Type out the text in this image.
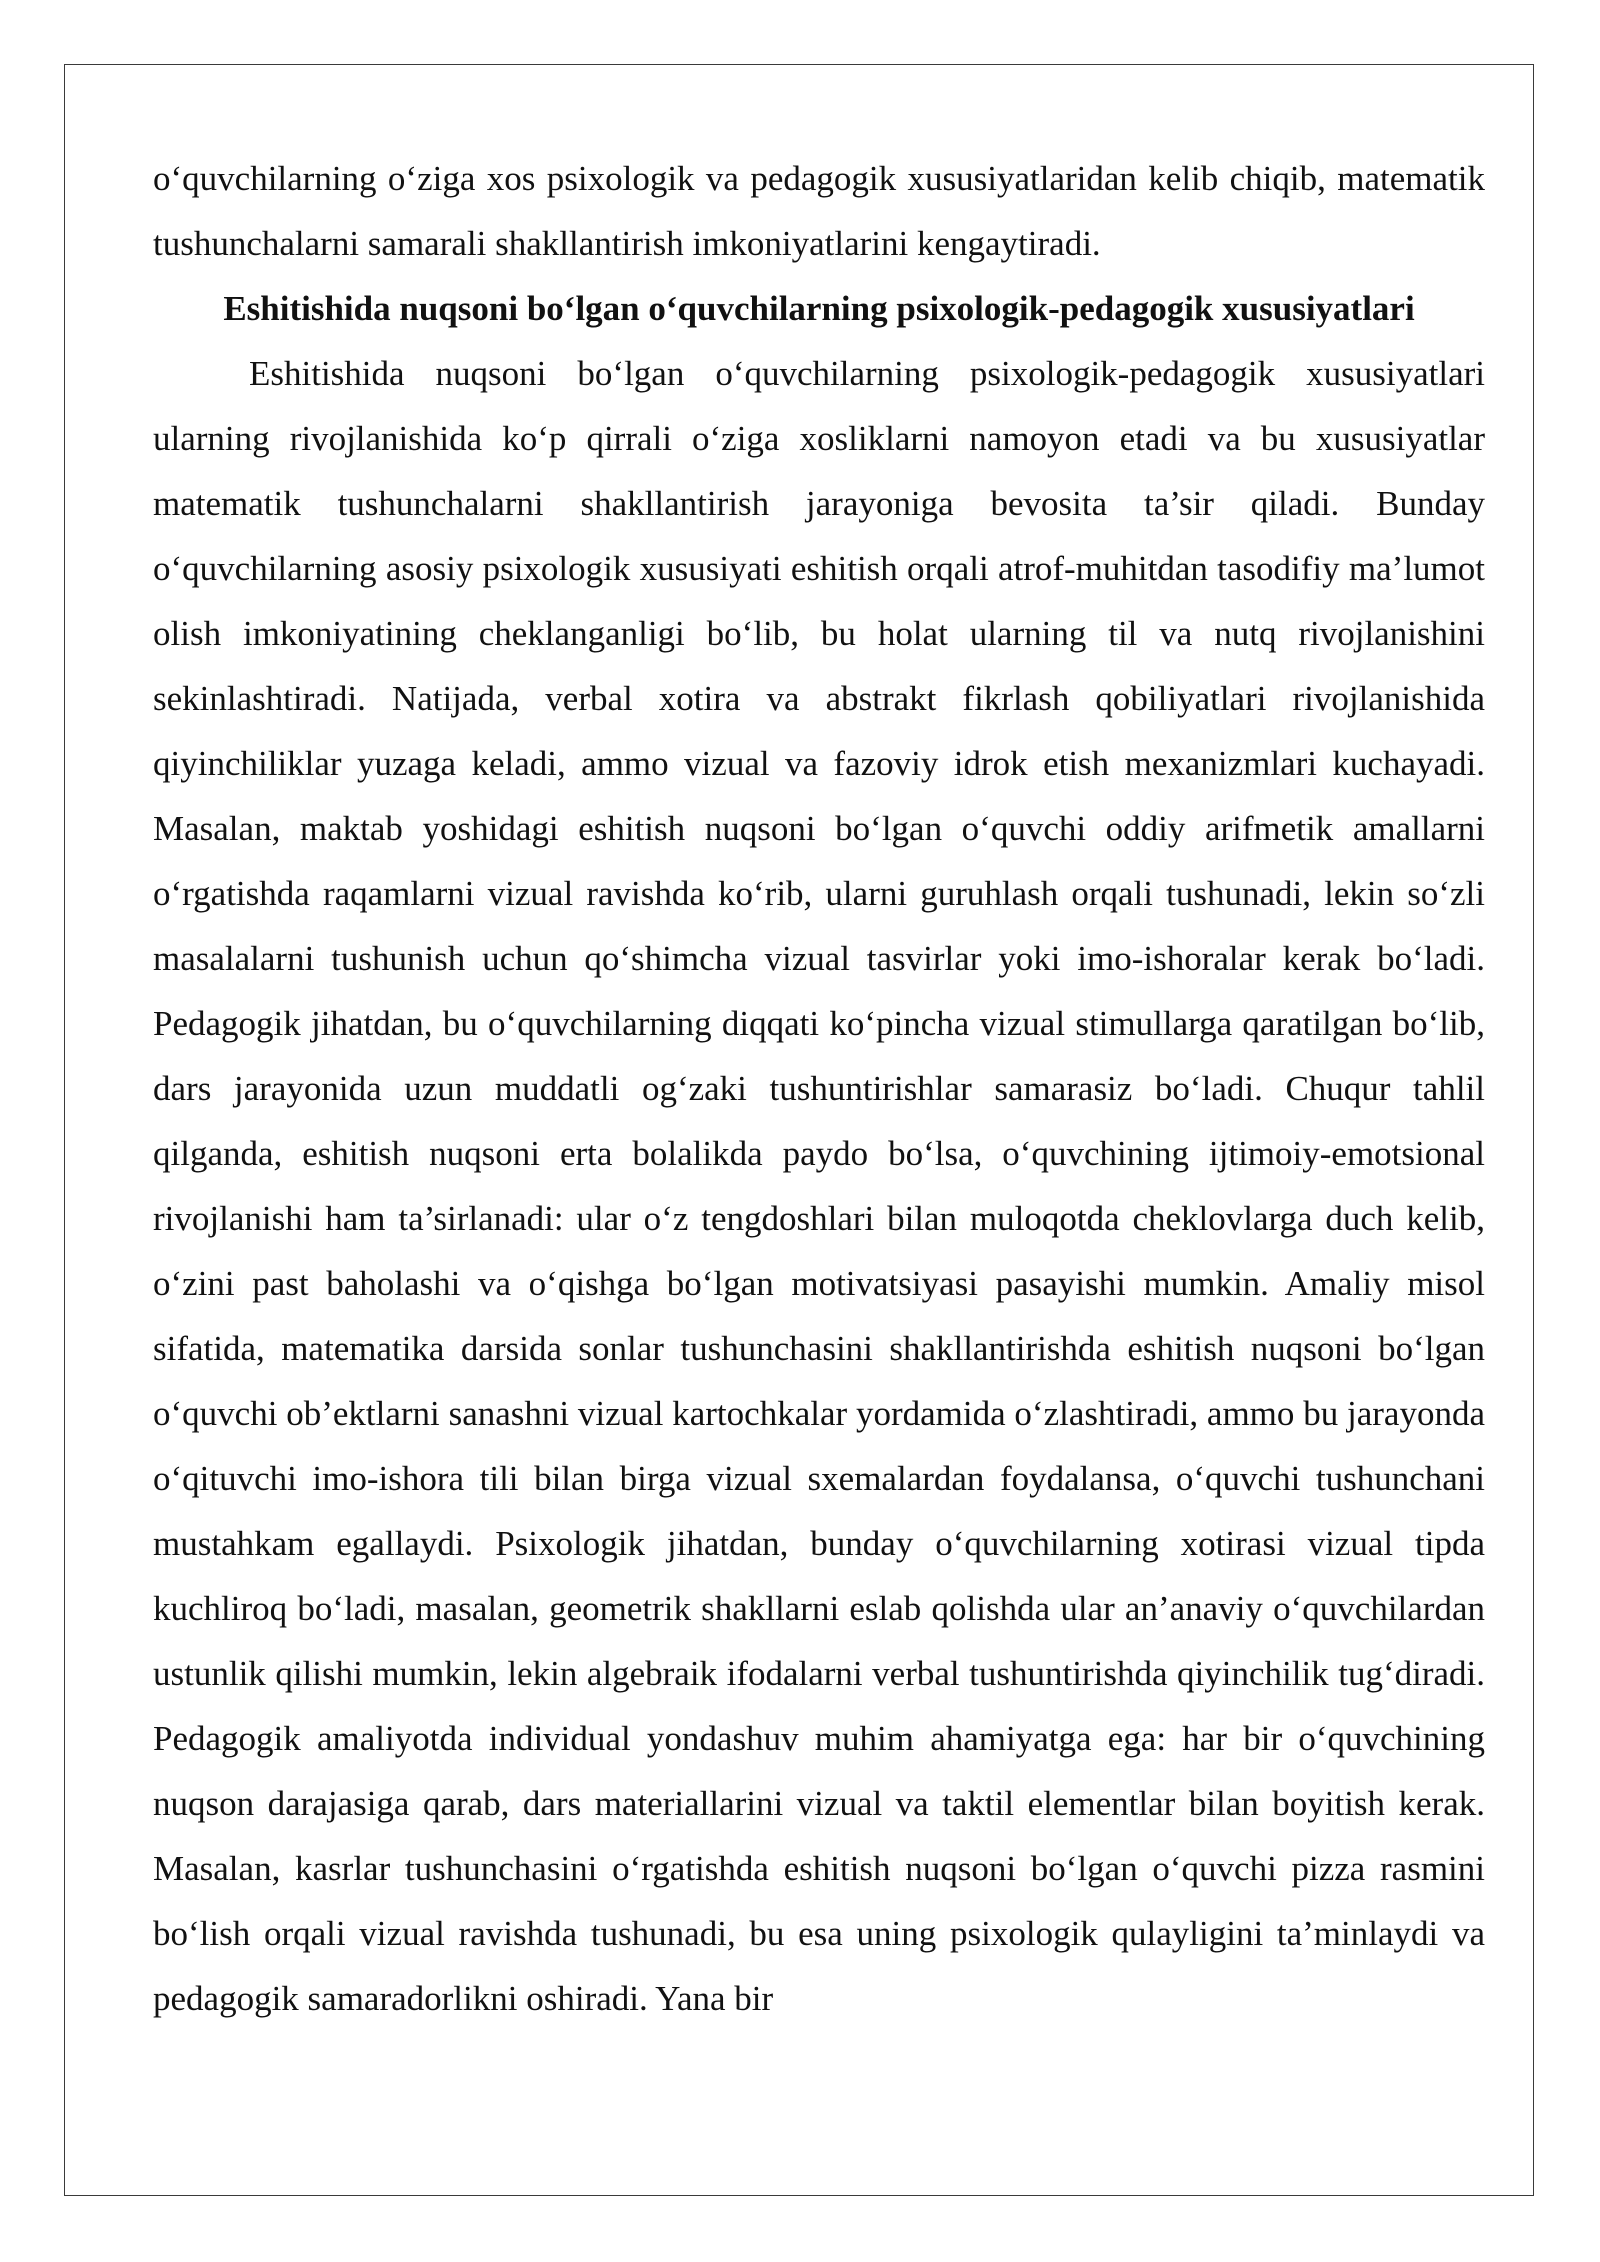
o‘quvchilarning o‘ziga xos psixologik va pedagogik xususiyatlaridan kelib chiqib, matematik tushunchalarni samarali shakllantirish imkoniyatlarini kengaytiradi.

Eshitishida nuqsoni bo‘lgan o‘quvchilarning psixologik-pedagogik xususiyatlari

Eshitishida nuqsoni bo‘lgan o‘quvchilarning psixologik-pedagogik xususiyatlari ularning rivojlanishida ko‘p qirrali o‘ziga xosliklarni namoyon etadi va bu xususiyatlar matematik tushunchalarni shakllantirish jarayoniga bevosita ta’sir qiladi. Bunday o‘quvchilarning asosiy psixologik xususiyati eshitish orqali atrof-muhitdan tasodifiy ma’lumot olish imkoniyatining cheklanganligi bo‘lib, bu holat ularning til va nutq rivojlanishini sekinlashtiradi. Natijada, verbal xotira va abstrakt fikrlash qobiliyatlari rivojlanishida qiyinchiliklar yuzaga keladi, ammo vizual va fazoviy idrok etish mexanizmlari kuchayadi. Masalan, maktab yoshidagi eshitish nuqsoni bo‘lgan o‘quvchi oddiy arifmetik amallarni o‘rgatishda raqamlarni vizual ravishda ko‘rib, ularni guruhlash orqali tushunadi, lekin so‘zli masalalarni tushunish uchun qo‘shimcha vizual tasvirlar yoki imo-ishoralar kerak bo‘ladi. Pedagogik jihatdan, bu o‘quvchilarning diqqati ko‘pincha vizual stimullarga qaratilgan bo‘lib, dars jarayonida uzun muddatli og‘zaki tushuntirishlar samarasiz bo‘ladi. Chuqur tahlil qilganda, eshitish nuqsoni erta bolalikda paydo bo‘lsa, o‘quvchining ijtimoiy-emotsional rivojlanishi ham ta’sirlanadi: ular o‘z tengdoshlari bilan muloqotda cheklovlarga duch kelib, o‘zini past baholashi va o‘qishga bo‘lgan motivatsiyasi pasayishi mumkin. Amaliy misol sifatida, matematika darsida sonlar tushunchasini shakllantirishda eshitish nuqsoni bo‘lgan o‘quvchi ob’ektlarni sanashni vizual kartochkalar yordamida o‘zlashtiradi, ammo bu jarayonda o‘qituvchi imo-ishora tili bilan birga vizual sxemalardan foydalansa, o‘quvchi tushunchani mustahkam egallaydi. Psixologik jihatdan, bunday o‘quvchilarning xotirasi vizual tipda kuchliroq bo‘ladi, masalan, geometrik shakllarni eslab qolishda ular an’anaviy o‘quvchilardan ustunlik qilishi mumkin, lekin algebraik ifodalarni verbal tushuntirishda qiyinchilik tug‘diradi. Pedagogik amaliyotda individual yondashuv muhim ahamiyatga ega: har bir o‘quvchining nuqson darajasiga qarab, dars materiallarini vizual va taktil elementlar bilan boyitish kerak. Masalan, kasrlar tushunchasini o‘rgatishda eshitish nuqsoni bo‘lgan o‘quvchi pizza rasmini bo‘lish orqali vizual ravishda tushunadi, bu esa uning psixologik qulayligini ta’minlaydi va pedagogik samaradorlikni oshiradi. Yana bir
